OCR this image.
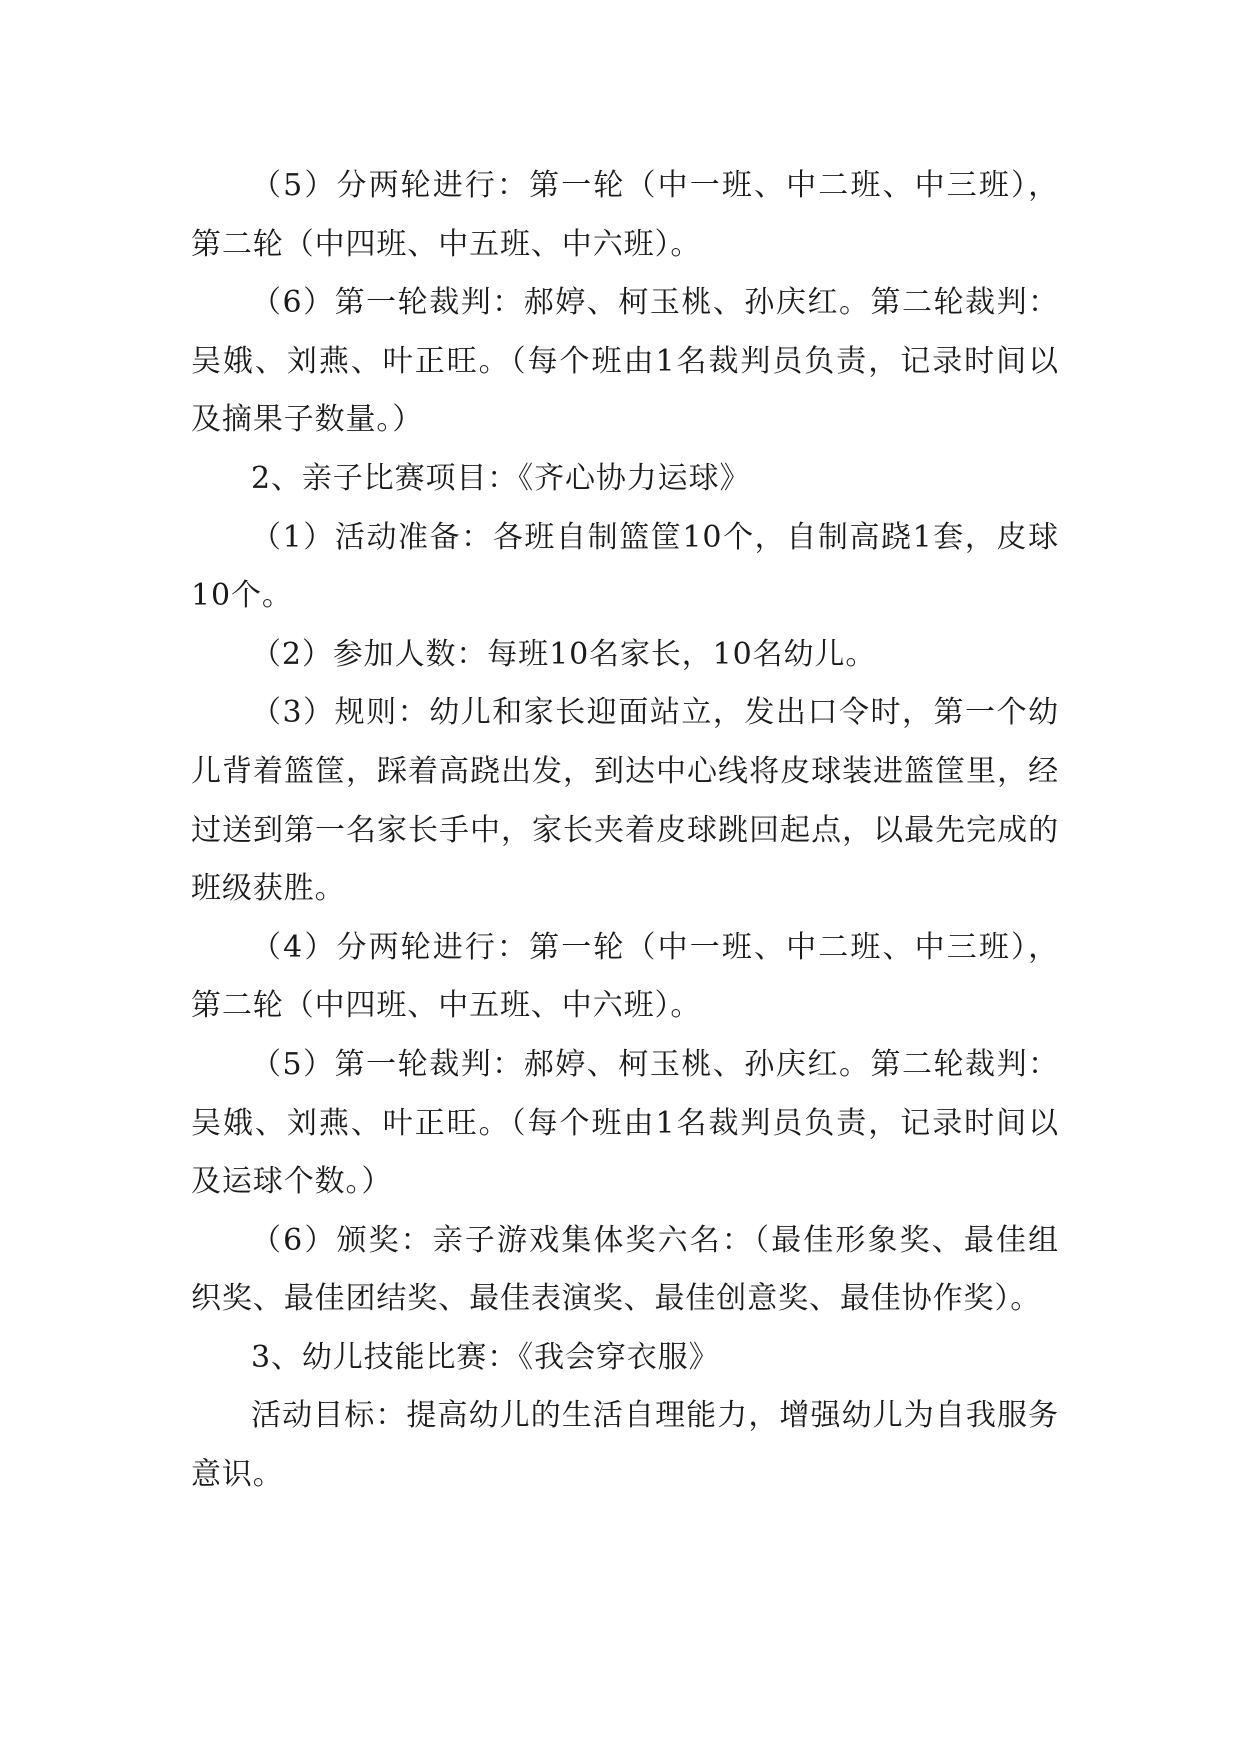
（5）分两轮进行：第一轮（中一班、中二班、中三班），第二轮（中四班、中五班、中六班）。

（6）第一轮裁判：郝婷、柯玉桃、孙庆红。第二轮裁判：吴娥、刘燕、叶正旺。（每个班由1名裁判员负责，记录时间以及摘果子数量。）

2、亲子比赛项目：《齐心协力运球》

（1）活动准备：各班自制篮筐10个，自制高跷1套，皮球10个。

（2）参加人数：每班10名家长，10名幼儿。

（3）规则：幼儿和家长迎面站立，发出口令时，第一个幼儿背着篮筐，踩着高跷出发，到达中心线将皮球装进篮筐里，经过送到第一名家长手中，家长夹着皮球跳回起点，以最先完成的班级获胜。

（4）分两轮进行：第一轮（中一班、中二班、中三班），第二轮（中四班、中五班、中六班）。

（5）第一轮裁判：郝婷、柯玉桃、孙庆红。第二轮裁判：吴娥、刘燕、叶正旺。（每个班由1名裁判员负责，记录时间以及运球个数。）

（6）颁奖：亲子游戏集体奖六名：（最佳形象奖、最佳组织奖、最佳团结奖、最佳表演奖、最佳创意奖、最佳协作奖）。

3、幼儿技能比赛：《我会穿衣服》

活动目标：提高幼儿的生活自理能力，增强幼儿为自我服务意识。
